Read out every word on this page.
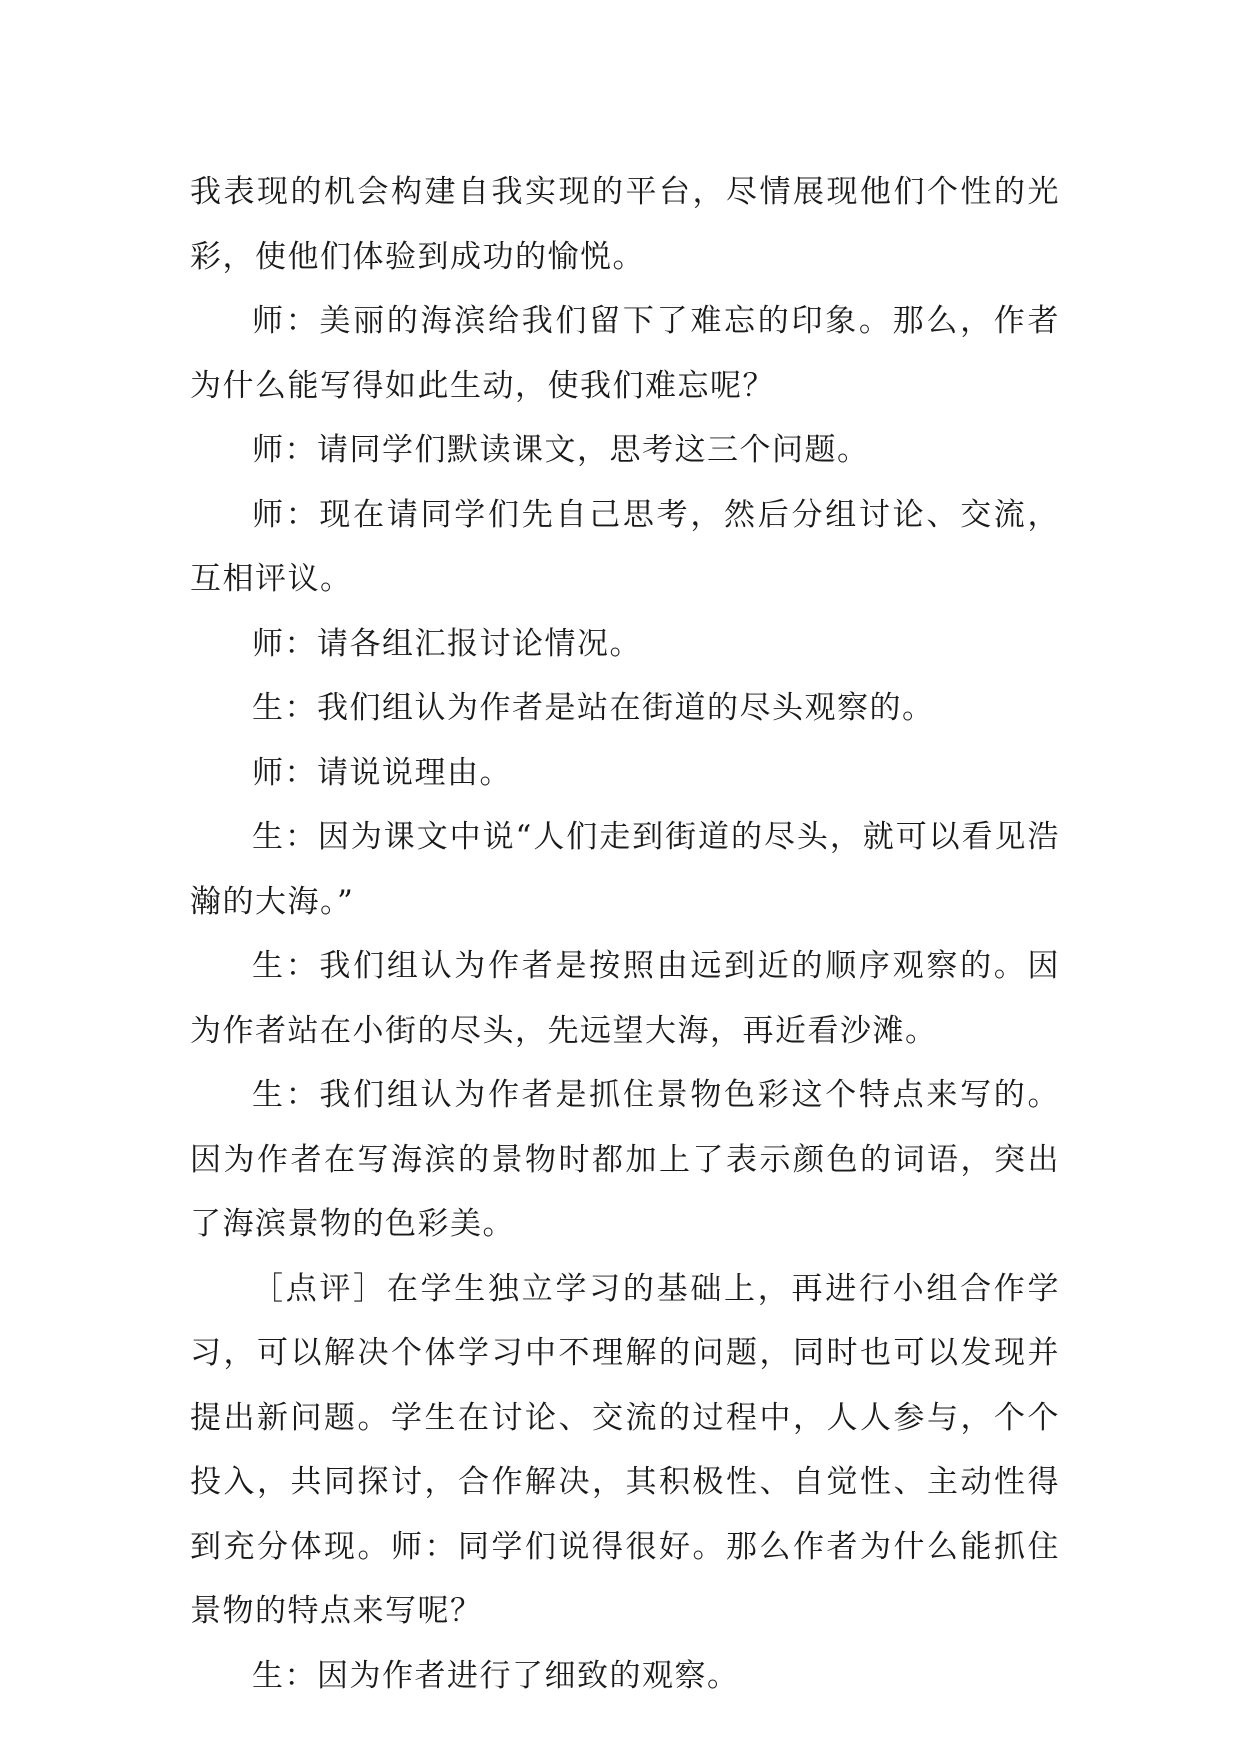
我表现的机会构建自我实现的平台，尽情展现他们个性的光彩，使他们体验到成功的愉悦。

师：美丽的海滨给我们留下了难忘的印象。那么，作者为什么能写得如此生动，使我们难忘呢？

师：请同学们默读课文，思考这三个问题。

师：现在请同学们先自己思考，然后分组讨论、交流，互相评议。

师：请各组汇报讨论情况。

生：我们组认为作者是站在街道的尽头观察的。

师：请说说理由。

生：因为课文中说“人们走到街道的尽头，就可以看见浩瀚的大海。”

生：我们组认为作者是按照由远到近的顺序观察的。因为作者站在小街的尽头，先远望大海，再近看沙滩。

生：我们组认为作者是抓住景物色彩这个特点来写的。因为作者在写海滨的景物时都加上了表示颜色的词语，突出了海滨景物的色彩美。

［点评］在学生独立学习的基础上，再进行小组合作学习，可以解决个体学习中不理解的问题，同时也可以发现并提出新问题。学生在讨论、交流的过程中，人人参与，个个投入，共同探讨，合作解决，其积极性、自觉性、主动性得到充分体现。师：同学们说得很好。那么作者为什么能抓住景物的特点来写呢？

生：因为作者进行了细致的观察。
